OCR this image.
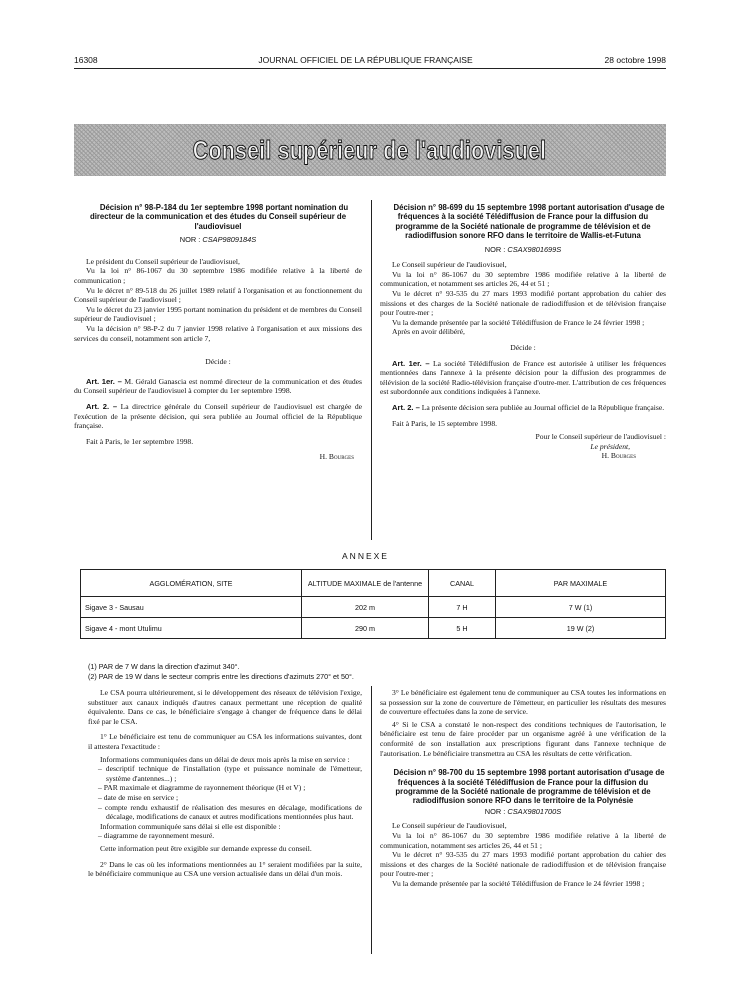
16308	JOURNAL OFFICIEL DE LA RÉPUBLIQUE FRANÇAISE	28 octobre 1998
Conseil supérieur de l'audiovisuel

Décision n° 98-P-184 du 1er septembre 1998 portant nomination du directeur de la communication et des études du Conseil supérieur de l'audiovisuel

NOR : CSAP9809184S

Le président du Conseil supérieur de l'audiovisuel,

Vu la loi n° 86-1067 du 30 septembre 1986 modifiée relative à la liberté de communication ;

Vu le décret n° 89-518 du 26 juillet 1989 relatif à l'organisation et au fonctionnement du Conseil supérieur de l'audiovisuel ;

Vu le décret du 23 janvier 1995 portant nomination du président et de membres du Conseil supérieur de l'audiovisuel ;

Vu la décision n° 98-P-2 du 7 janvier 1998 relative à l'organisation et aux missions des services du conseil, notamment son article 7,

Décide :

Art. 1er. – M. Gérald Ganascia est nommé directeur de la communication et des études du Conseil supérieur de l'audiovisuel à compter du 1er septembre 1998.

Art. 2. – La directrice générale du Conseil supérieur de l'audiovisuel est chargée de l'exécution de la présente décision, qui sera publiée au Journal officiel de la République française.

Fait à Paris, le 1er septembre 1998.

H. Bourges

Décision n° 98-699 du 15 septembre 1998 portant autorisation d'usage de fréquences à la société Télédiffusion de France pour la diffusion du programme de la Société nationale de programme de télévision et de radiodiffusion sonore RFO dans le territoire de Wallis-et-Futuna

NOR : CSAX9801699S

Le Conseil supérieur de l'audiovisuel,

Vu la loi n° 86-1067 du 30 septembre 1986 modifiée relative à la liberté de communication, et notamment ses articles 26, 44 et 51 ;

Vu le décret n° 93-535 du 27 mars 1993 modifié portant approbation du cahier des missions et des charges de la Société nationale de radiodiffusion et de télévision française pour l'outre-mer ;

Vu la demande présentée par la société Télédiffusion de France le 24 février 1998 ;

Après en avoir délibéré,

Décide :

Art. 1er. – La société Télédiffusion de France est autorisée à utiliser les fréquences mentionnées dans l'annexe à la présente décision pour la diffusion des programmes de télévision de la société Radio-télévision française d'outre-mer. L'attribution de ces fréquences est subordonnée aux conditions indiquées à l'annexe.

Art. 2. – La présente décision sera publiée au Journal officiel de la République française.

Fait à Paris, le 15 septembre 1998.

Pour le Conseil supérieur de l'audiovisuel :

Le président,

H. Bourges

ANNEXE
AGGLOMÉRATION, SITE	ALTITUDE MAXIMALE de l'antenne	CANAL	PAR MAXIMALE
Sigave 3 - Sausau	202 m	7 H	7 W (1)
Sigave 4 - mont Utulimu	290 m	5 H	19 W (2)
(1) PAR de 7 W dans la direction d'azimut 340°.
(2) PAR de 19 W dans le secteur compris entre les directions d'azimuts 270° et 50°.

Le CSA pourra ultérieurement, si le développement des réseaux de télévision l'exige, substituer aux canaux indiqués d'autres canaux permettant une réception de qualité équivalente. Dans ce cas, le bénéficiaire s'engage à changer de fréquence dans le délai fixé par le CSA.

1° Le bénéficiaire est tenu de communiquer au CSA les informations suivantes, dont il attestera l'exactitude :

Informations communiquées dans un délai de deux mois après la mise en service :

– descriptif technique de l'installation (type et puissance nominale de l'émetteur, système d'antennes...) ;
– PAR maximale et diagramme de rayonnement théorique (H et V) ;
– date de mise en service ;
– compte rendu exhaustif de réalisation des mesures en décalage, modifications de décalage, modifications de canaux et autres modifications mentionnées plus haut.

Information communiquée sans délai si elle est disponible :

– diagramme de rayonnement mesuré.

Cette information peut être exigible sur demande expresse du conseil.

2° Dans le cas où les informations mentionnées au 1° seraient modifiées par la suite, le bénéficiaire communique au CSA une version actualisée dans un délai d'un mois.

3° Le bénéficiaire est également tenu de communiquer au CSA toutes les informations en sa possession sur la zone de couverture de l'émetteur, en particulier les résultats des mesures de couverture effectuées dans la zone de service.

4° Si le CSA a constaté le non-respect des conditions techniques de l'autorisation, le bénéficiaire est tenu de faire procéder par un organisme agréé à une vérification de la conformité de son installation aux prescriptions figurant dans l'annexe technique de l'autorisation. Le bénéficiaire transmettra au CSA les résultats de cette vérification.

Décision n° 98-700 du 15 septembre 1998 portant autorisation d'usage de fréquences à la société Télédiffusion de France pour la diffusion du programme de la Société nationale de programme de télévision et de radiodiffusion sonore RFO dans le territoire de la Polynésie

NOR : CSAX9801700S

Le Conseil supérieur de l'audiovisuel,

Vu la loi n° 86-1067 du 30 septembre 1986 modifiée relative à la liberté de communication, notamment ses articles 26, 44 et 51 ;

Vu le décret n° 93-535 du 27 mars 1993 modifié portant approbation du cahier des missions et des charges de la Société nationale de radiodiffusion et de télévision française pour l'outre-mer ;

Vu la demande présentée par la société Télédiffusion de France le 24 février 1998 ;
